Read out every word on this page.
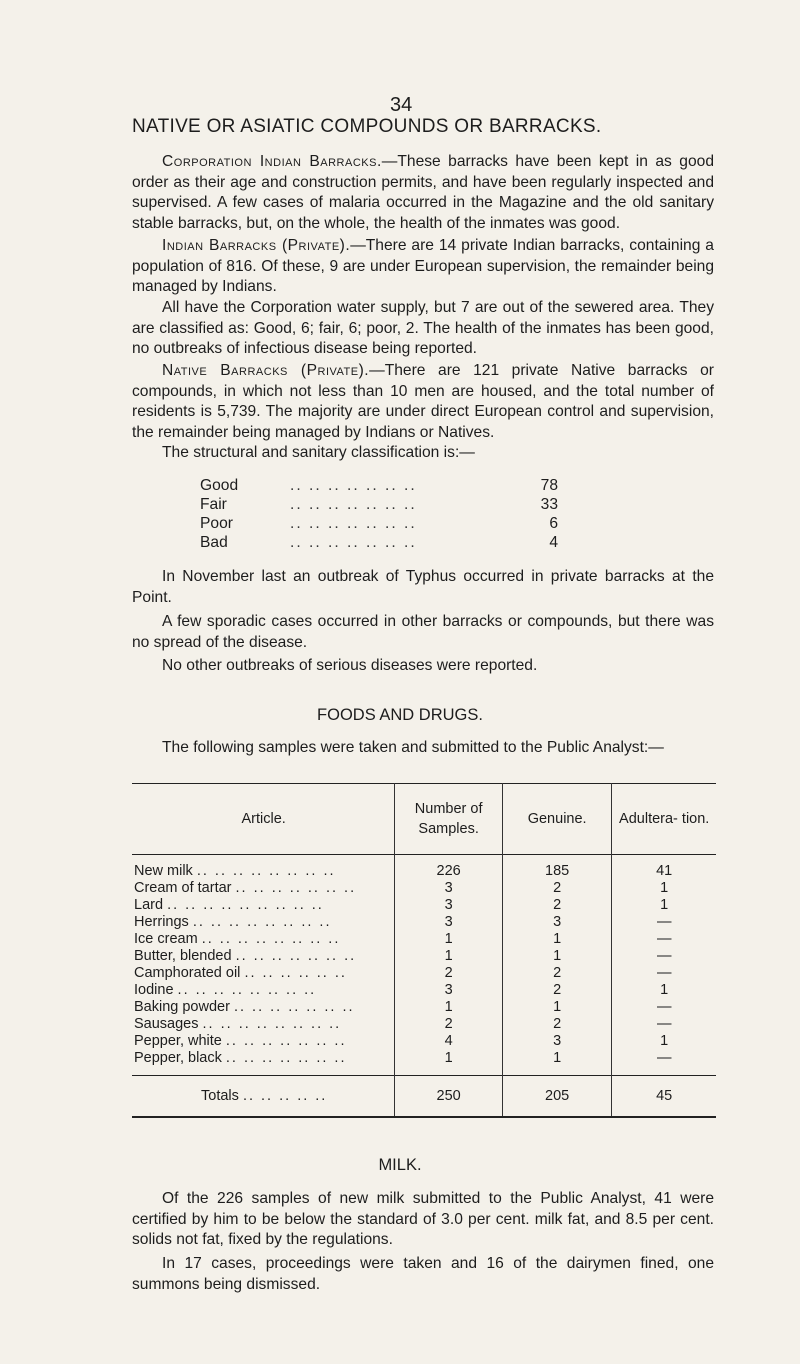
34
NATIVE OR ASIATIC COMPOUNDS OR BARRACKS.
Corporation Indian Barracks.—These barracks have been kept in as good order as their age and construction permits, and have been regularly inspected and supervised. A few cases of malaria occurred in the Magazine and the old sanitary stable barracks, but, on the whole, the health of the inmates was good.
Indian Barracks (Private).—There are 14 private Indian barracks, containing a population of 816. Of these, 9 are under European supervision, the remainder being managed by Indians.
All have the Corporation water supply, but 7 are out of the sewered area. They are classified as: Good, 6; fair, 6; poor, 2. The health of the inmates has been good, no outbreaks of infectious disease being reported.
Native Barracks (Private).—There are 121 private Native barracks or compounds, in which not less than 10 men are housed, and the total number of residents is 5,739. The majority are under direct European control and supervision, the remainder being managed by Indians or Natives.
The structural and sanitary classification is:—
Good	.. .. .. .. .. .. ..	78
Fair	.. .. .. .. .. .. ..	33
Poor	.. .. .. .. .. .. ..	6
Bad	.. .. .. .. .. .. ..	4
In November last an outbreak of Typhus occurred in private barracks at the Point.
A few sporadic cases occurred in other barracks or compounds, but there was no spread of the disease.
No other outbreaks of serious diseases were reported.
FOODS AND DRUGS.
The following samples were taken and submitted to the Public Analyst:—
Article.	Number of Samples.	Genuine.	Adultera- tion.
New milk .. .. .. .. .. .. .. ..	226	185	41
Cream of tartar .. .. .. .. .. .. ..	3	2	1
Lard .. .. .. .. .. .. .. .. ..	3	2	1
Herrings .. .. .. .. .. .. .. ..	3	3	—
Ice cream .. .. .. .. .. .. .. ..	1	1	—
Butter, blended .. .. .. .. .. .. ..	1	1	—
Camphorated oil .. .. .. .. .. ..	2	2	—
Iodine .. .. .. .. .. .. .. ..	3	2	1
Baking powder .. .. .. .. .. .. ..	1	1	—
Sausages .. .. .. .. .. .. .. ..	2	2	—
Pepper, white .. .. .. .. .. .. ..	4	3	1
Pepper, black .. .. .. .. .. .. ..	1	1	—
Totals .. .. .. .. ..	250	205	45
MILK.
Of the 226 samples of new milk submitted to the Public Analyst, 41 were certified by him to be below the standard of 3.0 per cent. milk fat, and 8.5 per cent. solids not fat, fixed by the regulations.
In 17 cases, proceedings were taken and 16 of the dairymen fined, one summons being dismissed.
